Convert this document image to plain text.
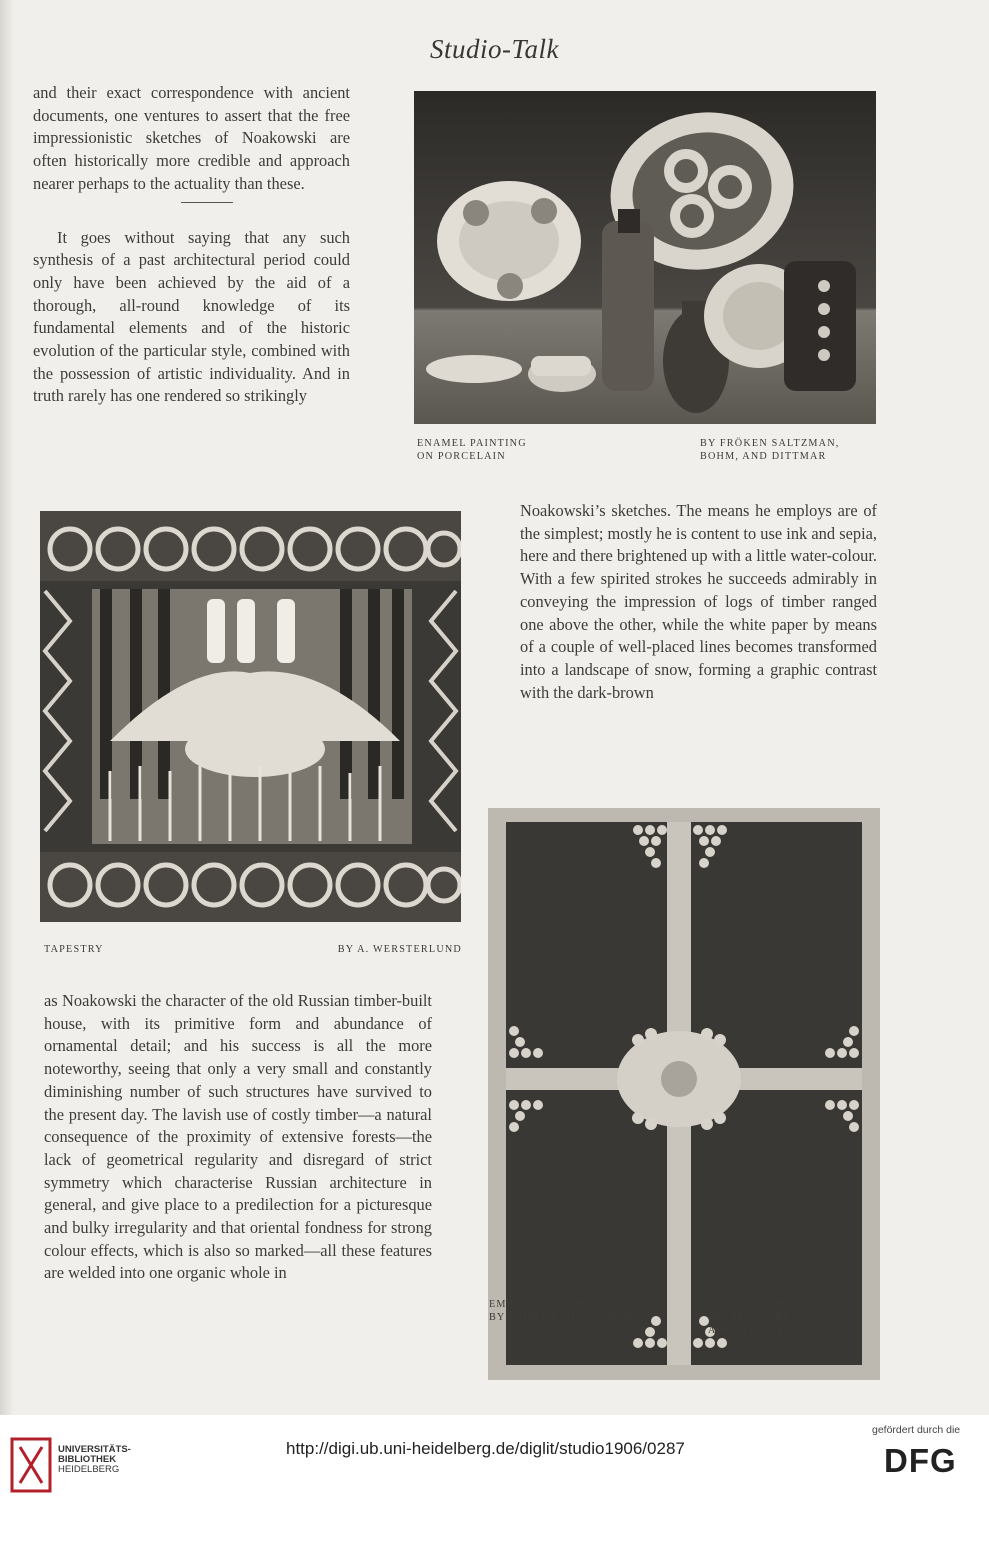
Studio-Talk

and their exact correspondence with ancient documents, one ventures to assert that the free impressionistic sketches of Noakowski are often historically more credible and approach nearer perhaps to the actuality than these.

It goes without saying that any such synthesis of a past architectural period could only have been achieved by the aid of a thorough, all-round knowledge of its fundamental elements and of the historic evolution of the particular style, combined with the possession of artistic individuality. And in truth rarely has one rendered so strikingly

ENAMEL PAINTING
ON PORCELAIN
BY FRÖKEN SALTZMAN,
BOHM, AND DITTMAR
TAPESTRY	BY A. WERSTERLUND

Noakowski’s sketches. The means he employs are of the simplest; mostly he is content to use ink and sepia, here and there brightened up with a little water-colour. With a few spirited strokes he succeeds admirably in conveying the impression of logs of timber ranged one above the other, while the white paper by means of a couple of well-placed lines becomes transformed into a landscape of snow, forming a graphic contrast with the dark-brown

as Noakowski the character of the old Russian timber-built house, with its primitive form and abundance of ornamental detail; and his success is all the more noteworthy, seeing that only a very small and constantly diminishing number of such structures have survived to the present day. The lavish use of costly timber—a natural consequence of the proximity of extensive forests—the lack of geometrical regularity and disregard of strict symmetry which characterise Russian architecture in general, and give place to a predilection for a picturesque and bulky irregularity and that oriental fondness for strong colour effects, which is also so marked—all these features are welded into one organic whole in

EMBROIDERY DESIGNED
BY FRÖKEN WICKSTRÖM
EXECUTED BY PUPILS OF
HELSINGFORS SCHOOL OF
APPLIED ART
269
UNIVERSITÄTS-
BIBLIOTHEK
HEIDELBERG
http://digi.ub.uni-heidelberg.de/diglit/studio1906/0287
gefördert durch die
DFG
